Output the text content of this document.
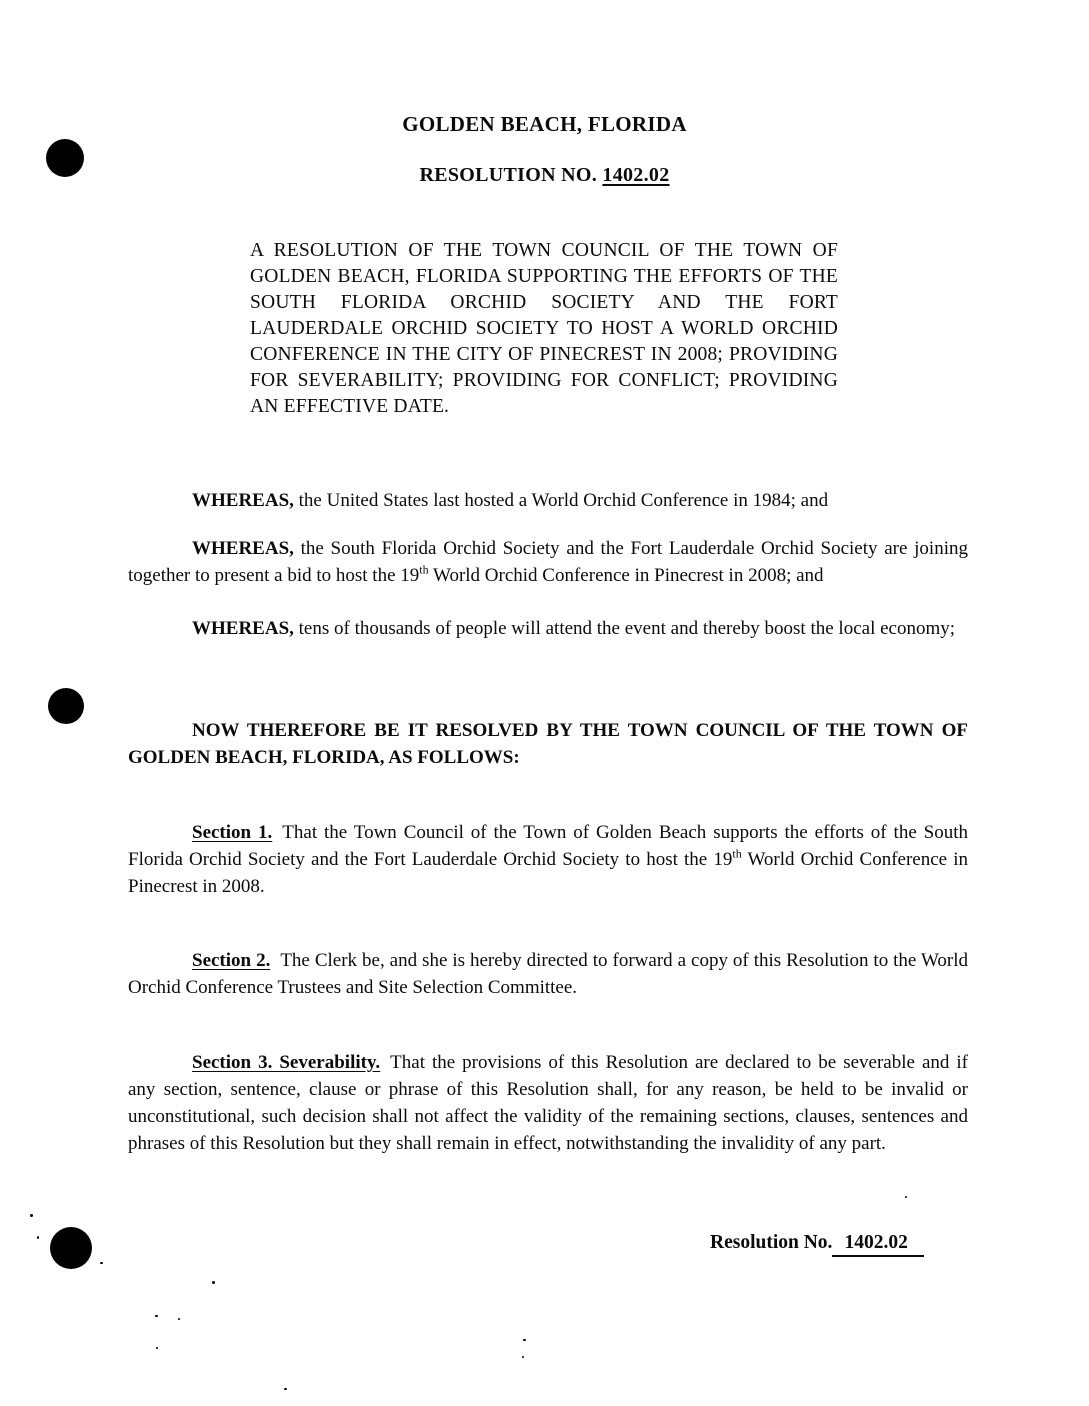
GOLDEN BEACH, FLORIDA
RESOLUTION NO. 1402.02
A RESOLUTION OF THE TOWN COUNCIL OF THE TOWN OF GOLDEN BEACH, FLORIDA SUPPORTING THE EFFORTS OF THE SOUTH FLORIDA ORCHID SOCIETY AND THE FORT LAUDERDALE ORCHID SOCIETY TO HOST A WORLD ORCHID CONFERENCE IN THE CITY OF PINECREST IN 2008; PROVIDING FOR SEVERABILITY; PROVIDING FOR CONFLICT; PROVIDING AN EFFECTIVE DATE.

WHEREAS, the United States last hosted a World Orchid Conference in 1984; and

WHEREAS, the South Florida Orchid Society and the Fort Lauderdale Orchid Society are joining together to present a bid to host the 19th World Orchid Conference in Pinecrest in 2008; and

WHEREAS, tens of thousands of people will attend the event and thereby boost the local economy;

NOW THEREFORE BE IT RESOLVED BY THE TOWN COUNCIL OF THE TOWN OF GOLDEN BEACH, FLORIDA, AS FOLLOWS:

Section 1. That the Town Council of the Town of Golden Beach supports the efforts of the South Florida Orchid Society and the Fort Lauderdale Orchid Society to host the 19th World Orchid Conference in Pinecrest in 2008.

Section 2. The Clerk be, and she is hereby directed to forward a copy of this Resolution to the World Orchid Conference Trustees and Site Selection Committee.

Section 3. Severability. That the provisions of this Resolution are declared to be severable and if any section, sentence, clause or phrase of this Resolution shall, for any reason, be held to be invalid or unconstitutional, such decision shall not affect the validity of the remaining sections, clauses, sentences and phrases of this Resolution but they shall remain in effect, notwithstanding the invalidity of any part.

Resolution No. 1402.02
